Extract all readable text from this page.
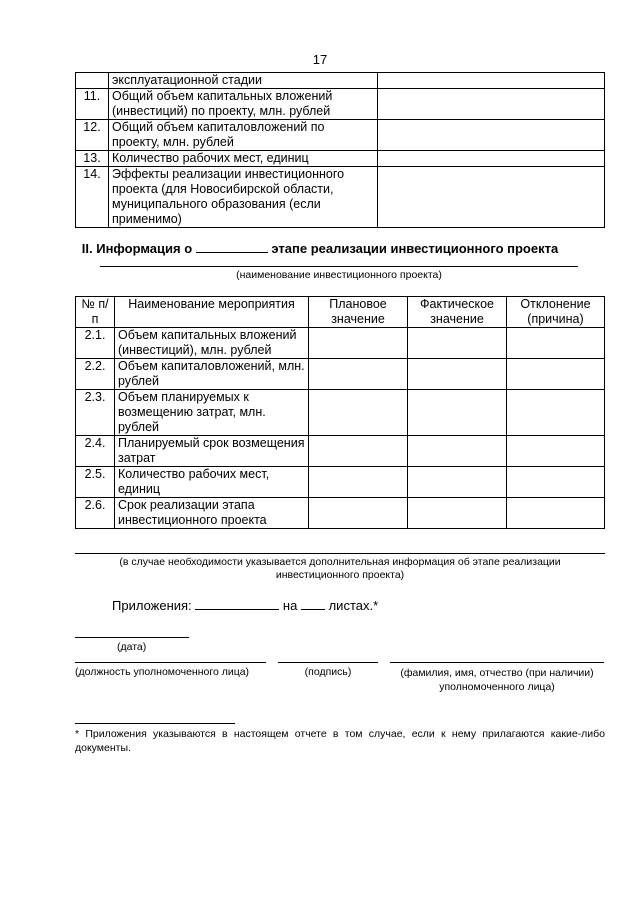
17
	эксплуатационной стадии	
11.	Общий объем капитальных вложений (инвестиций) по проекту, млн. рублей	
12.	Общий объем капиталовложений по проекту, млн. рублей	
13.	Количество рабочих мест, единиц	
14.	Эффекты реализации инвестиционного проекта (для Новосибирской области, муниципального образования (если применимо)	
II. Информация о	этапе реализации инвестиционного проекта
(наименование инвестиционного проекта)
№ п/п	Наименование мероприятия	Плановое значение	Фактическое значение	Отклонение (причина)
2.1.	Объем капитальных вложений (инвестиций), млн. рублей			
2.2.	Объем капиталовложений, млн. рублей			
2.3.	Объем планируемых к возмещению затрат, млн. рублей			
2.4.	Планируемый срок возмещения затрат			
2.5.	Количество рабочих мест, единиц			
2.6.	Срок реализации этапа инвестиционного проекта			
(в случае необходимости указывается дополнительная информация об этапе реализации инвестиционного проекта)
Приложения:	на листах.*
(дата)
(должность уполномоченного лица)	(подпись)	(фамилия, имя, отчество (при наличии) уполномоченного лица)
* Приложения указываются в настоящем отчете в том случае, если к нему прилагаются какие-либо документы.
